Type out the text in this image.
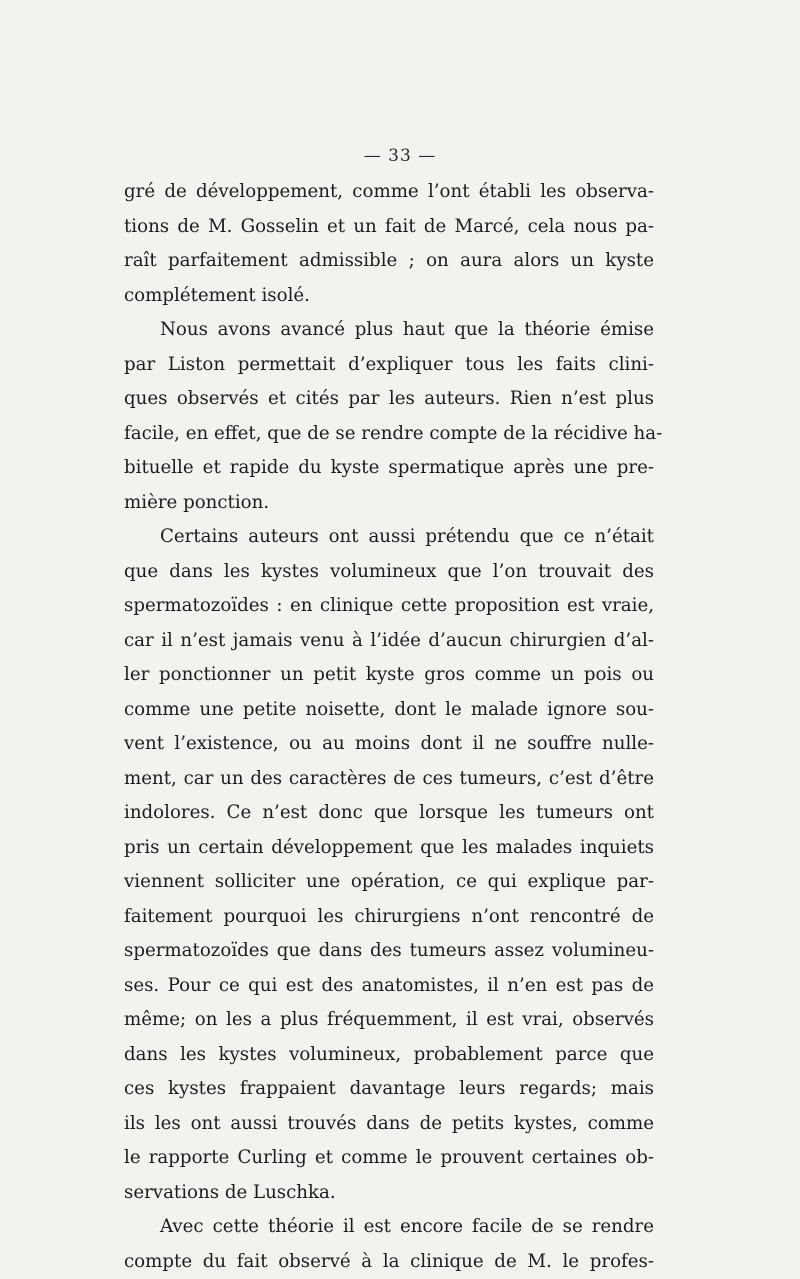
— 33 —
gré de développement, comme l’ont établi les observa-
tions de M. Gosselin et un fait de Marcé, cela nous pa-
raît parfaitement admissible ; on aura alors un kyste
complétement isolé.
Nous avons avancé plus haut que la théorie émise
par Liston permettait d’expliquer tous les faits clini-
ques observés et cités par les auteurs. Rien n’est plus
facile, en effet, que de se rendre compte de la récidive ha-
bituelle et rapide du kyste spermatique après une pre-
mière ponction.
Certains auteurs ont aussi prétendu que ce n’était
que dans les kystes volumineux que l’on trouvait des
spermatozoïdes : en clinique cette proposition est vraie,
car il n’est jamais venu à l’idée d’aucun chirurgien d’al-
ler ponctionner un petit kyste gros comme un pois ou
comme une petite noisette, dont le malade ignore sou-
vent l’existence, ou au moins dont il ne souffre nulle-
ment, car un des caractères de ces tumeurs, c’est d’être
indolores. Ce n’est donc que lorsque les tumeurs ont
pris un certain développement que les malades inquiets
viennent solliciter une opération, ce qui explique par-
faitement pourquoi les chirurgiens n’ont rencontré de
spermatozoïdes que dans des tumeurs assez volumineu-
ses. Pour ce qui est des anatomistes, il n’en est pas de
même; on les a plus fréquemment, il est vrai, observés
dans les kystes volumineux, probablement parce que
ces kystes frappaient davantage leurs regards; mais
ils les ont aussi trouvés dans de petits kystes, comme
le rapporte Curling et comme le prouvent certaines ob-
servations de Luschka.
Avec cette théorie il est encore facile de se rendre
compte du fait observé à la clinique de M. le profes-
